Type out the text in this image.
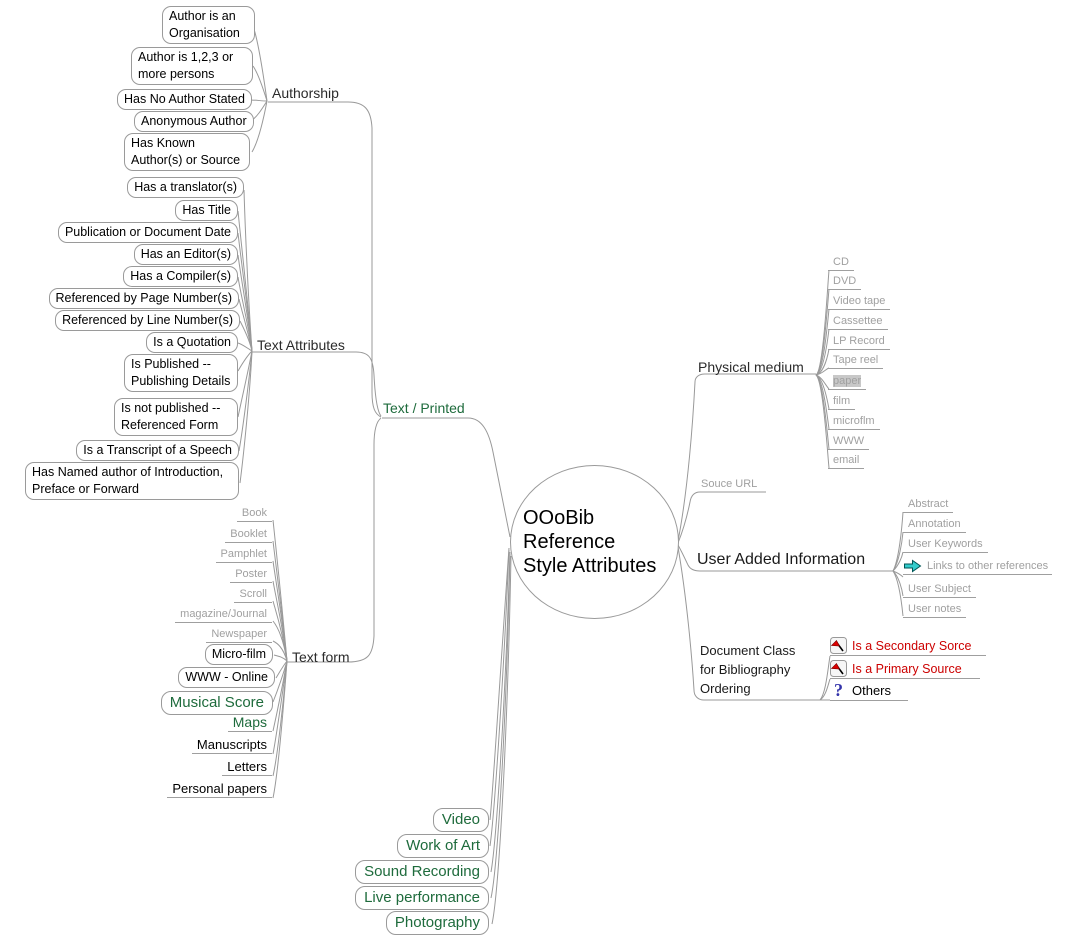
Author is an Organisation
Author is 1,2,3 or more persons
Has No Author Stated
Anonymous Author
Has Known Author(s) or Source
Authorship
Has a translator(s)
Has Title
Publication or Document Date
Has an Editor(s)
Has a Compiler(s)
Referenced by Page Number(s)
Referenced by Line Number(s)
Is a Quotation
Is Published -- Publishing Details
Is not published -- Referenced Form
Is a Transcript of a Speech
Has Named author of Introduction, Preface or Forward
Text Attributes
Book
Booklet
Pamphlet
Poster
Scroll
magazine/Journal
Newspaper
Micro-film
WWW - Online
Musical Score
Maps
Manuscripts
Letters
Personal papers
Text form
Text / Printed
OOoBib
Reference
Style Attributes
Video
Work of Art
Sound Recording
Live performance
Photography
Physical medium
CD
DVD
Video tape
Cassettee
LP Record
Tape reel
paper
film
microflm
WWW
email
Souce URL
User Added Information
Abstract
Annotation
User Keywords
Links to other references
User Subject
User notes
Document Class
for Bibliography
Ordering
Is a Secondary Sorce
Is a Primary Source
? Others
